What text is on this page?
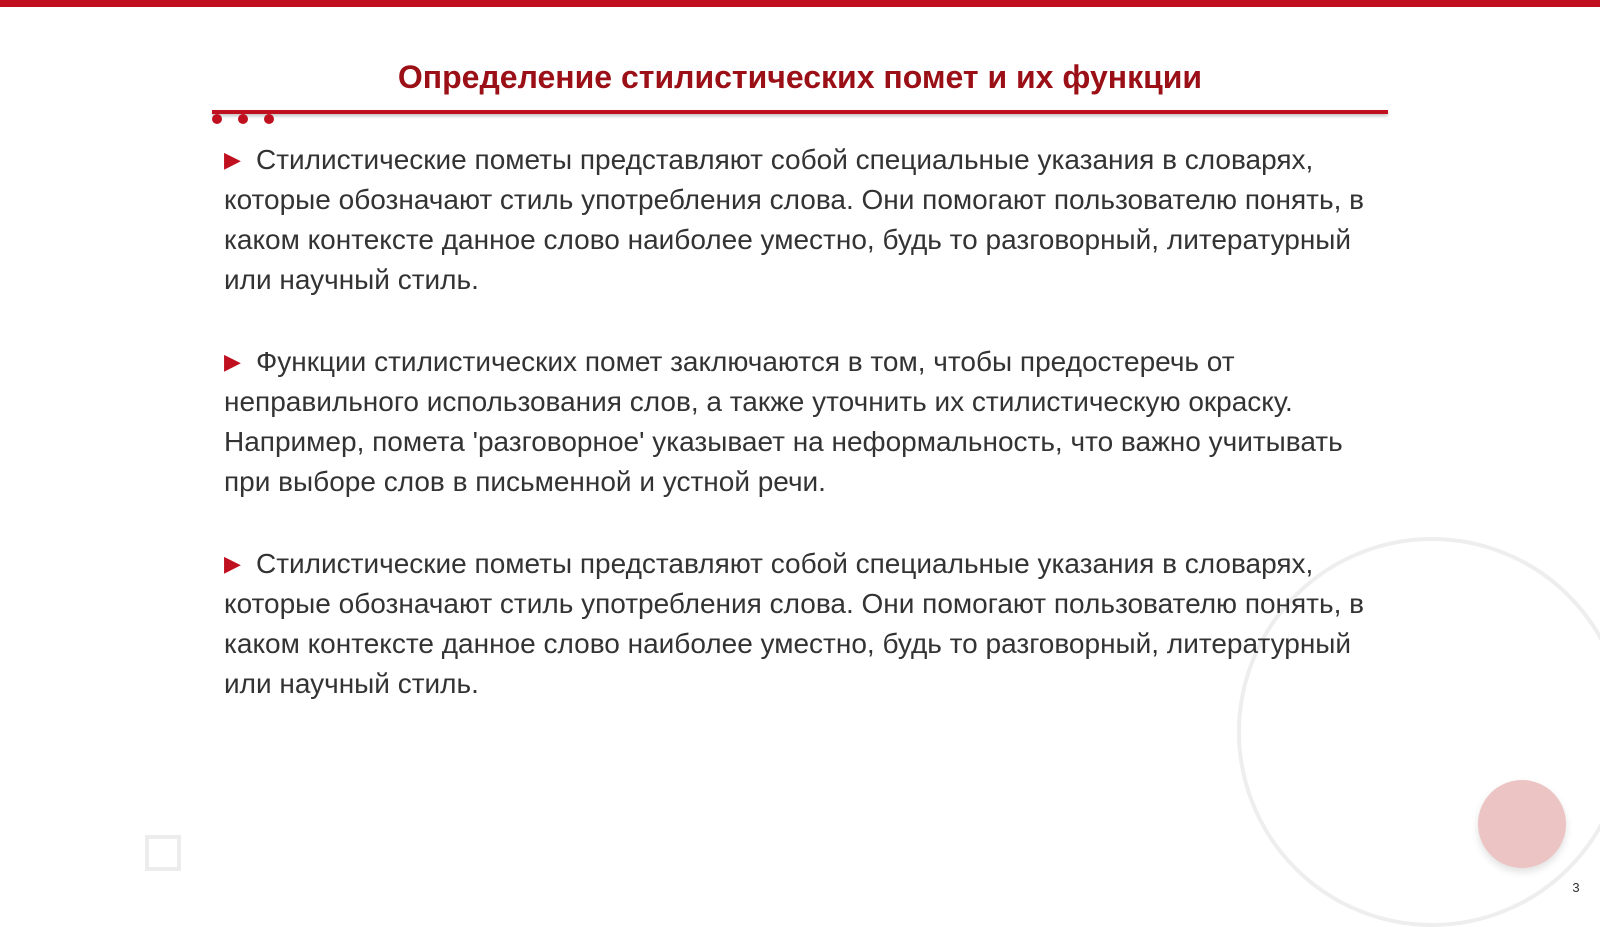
Определение стилистических помет и их функции

▶ Стилистические пометы представляют собой специальные указания в словарях, которые обозначают стиль употребления слова. Они помогают пользователю понять, в каком контексте данное слово наиболее уместно, будь то разговорный, литературный или научный стиль.

▶ Функции стилистических помет заключаются в том, чтобы предостеречь от неправильного использования слов, а также уточнить их стилистическую окраску. Например, помета 'разговорное' указывает на неформальность, что важно учитывать при выборе слов в письменной и устной речи.

▶ Стилистические пометы представляют собой специальные указания в словарях, которые обозначают стиль употребления слова. Они помогают пользователю понять, в каком контексте данное слово наиболее уместно, будь то разговорный, литературный или научный стиль.

3
